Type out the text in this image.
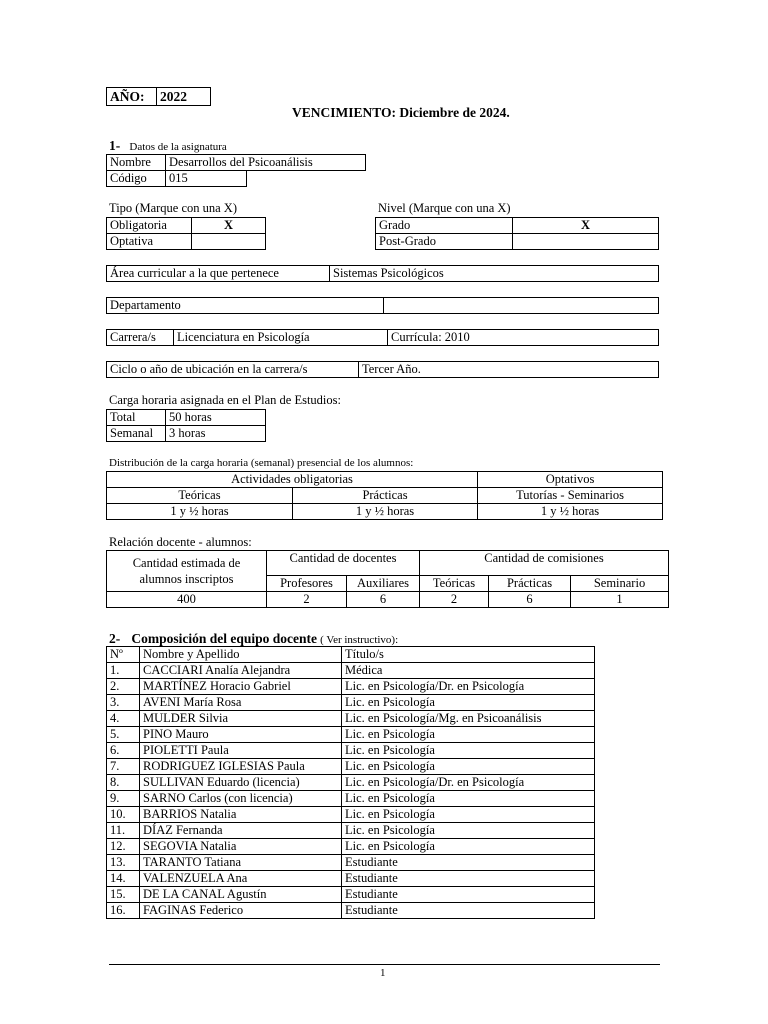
AÑO:	2022
VENCIMIENTO: Diciembre de 2024.
1- Datos de la asignatura
Nombre	Desarrollos del Psicoanálisis
Código	015
Tipo (Marque con una X)
Obligatoria	X
Optativa	
Nivel (Marque con una X)
Grado	X
Post-Grado	
Área curricular a la que pertenece	Sistemas Psicológicos
Departamento	
Carrera/s	Licenciatura en Psicología	Currícula: 2010
Ciclo o año de ubicación en la carrera/s	Tercer Año.
Carga horaria asignada en el Plan de Estudios:
Total	50 horas
Semanal	3 horas
Distribución de la carga horaria (semanal) presencial de los alumnos:
Actividades obligatorias		Optativos
Teóricas	Prácticas	Tutorías - Seminarios
1 y ½ horas	1 y ½ horas	1 y ½ horas
Relación docente - alumnos:
Cantidad estimada de
alumnos inscriptos	Cantidad de docentes		Cantidad de comisiones		
	Profesores	Auxiliares	Teóricas	Prácticas	Seminario
400	2	6	2	6	1
2- Composición del equipo docente ( Ver instructivo):
Nº	Nombre y Apellido	Título/s
1.	CACCIARI Analía Alejandra	Médica
2.	MARTÍNEZ Horacio Gabriel	Lic. en Psicología/Dr. en Psicología
3.	AVENI María Rosa	Lic. en Psicología
4.	MULDER Silvia	Lic. en Psicología/Mg. en Psicoanálisis
5.	PINO Mauro	Lic. en Psicología
6.	PIOLETTI Paula	Lic. en Psicología
7.	RODRIGUEZ IGLESIAS Paula	Lic. en Psicología
8.	SULLIVAN Eduardo (licencia)	Lic. en Psicología/Dr. en Psicología
9.	SARNO Carlos (con licencia)	Lic. en Psicología
10.	BARRIOS Natalia	Lic. en Psicología
11.	DÍAZ Fernanda	Lic. en Psicología
12.	SEGOVIA Natalia	Lic. en Psicología
13.	TARANTO Tatiana	Estudiante
14.	VALENZUELA Ana	Estudiante
15.	DE LA CANAL Agustín	Estudiante
16.	FAGINAS Federico	Estudiante
1
